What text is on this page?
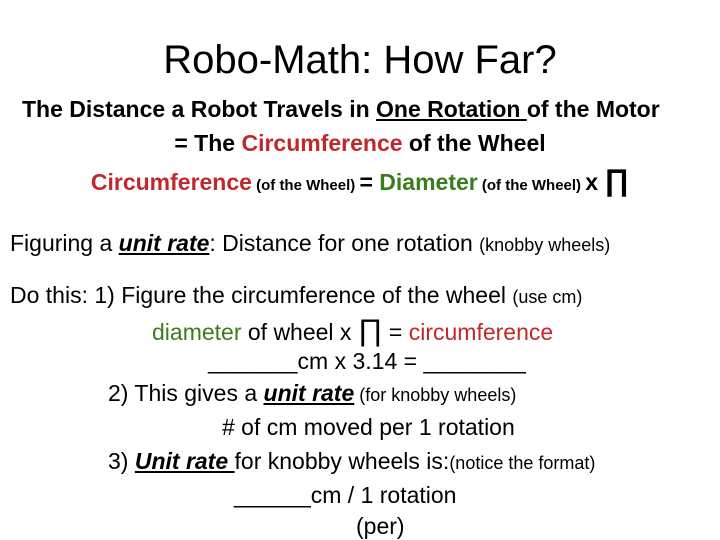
Robo-Math: How Far?
The Distance a Robot Travels in One Rotation of the Motor
= The Circumference of the Wheel
Circumference (of the Wheel) = Diameter (of the Wheel) x ∏
Figuring a unit rate: Distance for one rotation (knobby wheels)
Do this: 1) Figure the circumference of the wheel (use cm)
diameter of wheel x ∏ = circumference
_______cm x 3.14 = ________
2) This gives a unit rate (for knobby wheels)
# of cm moved per 1 rotation
3) Unit rate for knobby wheels is:(notice the format)
______cm / 1 rotation
(per)
